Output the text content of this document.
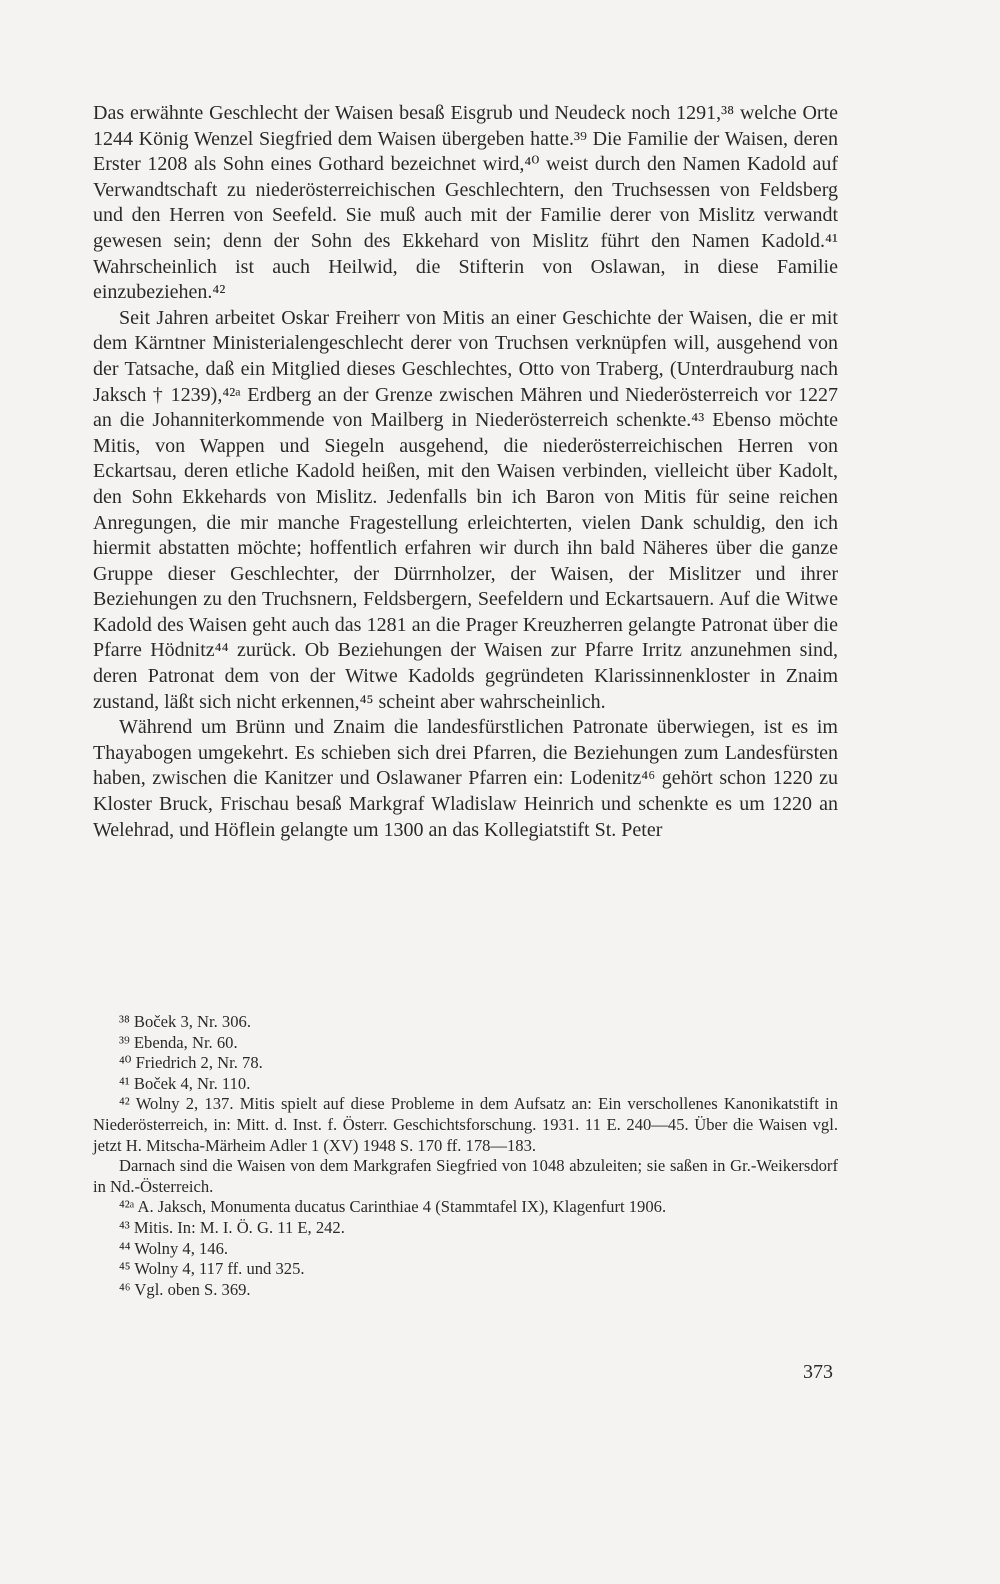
Das erwähnte Geschlecht der Waisen besaß Eisgrub und Neudeck noch 1291,³⁸ welche Orte 1244 König Wenzel Siegfried dem Waisen übergeben hatte.³⁹ Die Familie der Waisen, deren Erster 1208 als Sohn eines Gothard bezeichnet wird,⁴⁰ weist durch den Namen Kadold auf Verwandtschaft zu niederösterreichischen Geschlechtern, den Truchsessen von Feldsberg und den Herren von Seefeld. Sie muß auch mit der Familie derer von Mislitz verwandt gewesen sein; denn der Sohn des Ekkehard von Mislitz führt den Namen Kadold.⁴¹ Wahrscheinlich ist auch Heilwid, die Stifterin von Oslawan, in diese Familie einzubeziehen.⁴²

Seit Jahren arbeitet Oskar Freiherr von Mitis an einer Geschichte der Waisen, die er mit dem Kärntner Ministerialengeschlecht derer von Truchsen verknüpfen will, ausgehend von der Tatsache, daß ein Mitglied dieses Geschlechtes, Otto von Traberg, (Unterdrauburg nach Jaksch † 1239),⁴²ᵃ Erdberg an der Grenze zwischen Mähren und Niederösterreich vor 1227 an die Johanniterkommende von Mailberg in Niederösterreich schenkte.⁴³ Ebenso möchte Mitis, von Wappen und Siegeln ausgehend, die niederösterreichischen Herren von Eckartsau, deren etliche Kadold heißen, mit den Waisen verbinden, vielleicht über Kadolt, den Sohn Ekkehards von Mislitz. Jedenfalls bin ich Baron von Mitis für seine reichen Anregungen, die mir manche Fragestellung erleichterten, vielen Dank schuldig, den ich hiermit abstatten möchte; hoffentlich erfahren wir durch ihn bald Näheres über die ganze Gruppe dieser Geschlechter, der Dürrnholzer, der Waisen, der Mislitzer und ihrer Beziehungen zu den Truchsnern, Feldsbergern, Seefeldern und Eckartsauern. Auf die Witwe Kadold des Waisen geht auch das 1281 an die Prager Kreuzherren gelangte Patronat über die Pfarre Hödnitz⁴⁴ zurück. Ob Beziehungen der Waisen zur Pfarre Irritz anzunehmen sind, deren Patronat dem von der Witwe Kadolds gegründeten Klarissinnenkloster in Znaim zustand, läßt sich nicht erkennen,⁴⁵ scheint aber wahrscheinlich.

Während um Brünn und Znaim die landesfürstlichen Patronate überwiegen, ist es im Thayabogen umgekehrt. Es schieben sich drei Pfarren, die Beziehungen zum Landesfürsten haben, zwischen die Kanitzer und Oslawaner Pfarren ein: Lodenitz⁴⁶ gehört schon 1220 zu Kloster Bruck, Frischau besaß Markgraf Wladislaw Heinrich und schenkte es um 1220 an Welehrad, und Höflein gelangte um 1300 an das Kollegiatstift St. Peter

³⁸ Boček 3, Nr. 306.

³⁹ Ebenda, Nr. 60.

⁴⁰ Friedrich 2, Nr. 78.

⁴¹ Boček 4, Nr. 110.

⁴² Wolny 2, 137. Mitis spielt auf diese Probleme in dem Aufsatz an: Ein verschollenes Kanonikatstift in Niederösterreich, in: Mitt. d. Inst. f. Österr. Geschichtsforschung. 1931. 11 E. 240—45. Über die Waisen vgl. jetzt H. Mitscha-Märheim Adler 1 (XV) 1948 S. 170 ff. 178—183.

Darnach sind die Waisen von dem Markgrafen Siegfried von 1048 abzuleiten; sie saßen in Gr.-Weikersdorf in Nd.-Österreich.

⁴²ᵃ A. Jaksch, Monumenta ducatus Carinthiae 4 (Stammtafel IX), Klagenfurt 1906.

⁴³ Mitis. In: M. I. Ö. G. 11 E, 242.

⁴⁴ Wolny 4, 146.

⁴⁵ Wolny 4, 117 ff. und 325.

⁴⁶ Vgl. oben S. 369.

373
